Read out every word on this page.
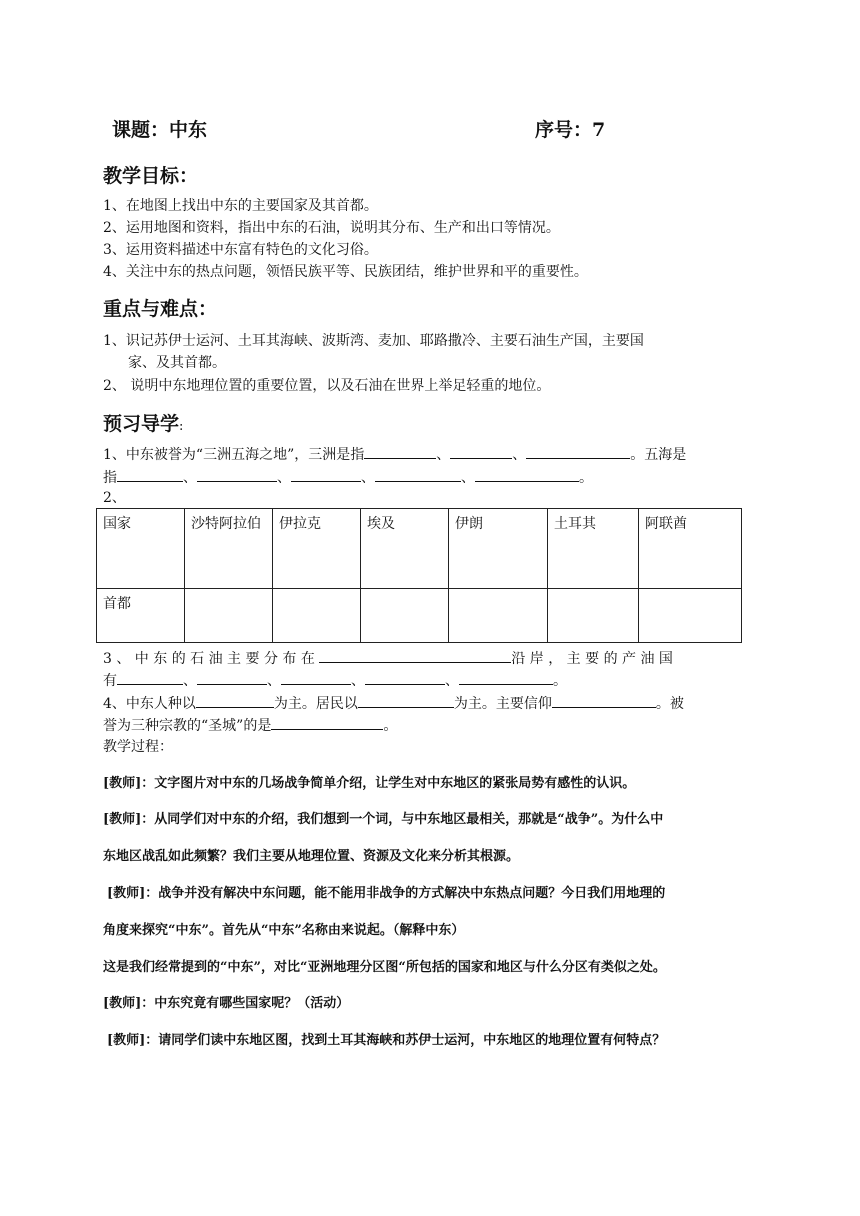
课题：中东	序号：7
教学目标：
1、在地图上找出中东的主要国家及其首都。
2、运用地图和资料，指出中东的石油，说明其分布、生产和出口等情况。
3、运用资料描述中东富有特色的文化习俗。
4、关注中东的热点问题，领悟民族平等、民族团结，维护世界和平的重要性。
重点与难点：
1、识记苏伊士运河、土耳其海峡、波斯湾、麦加、耶路撒冷、主要石油生产国，主要国
家、及其首都。
2、 说明中东地理位置的重要位置，以及石油在世界上举足轻重的地位。
预习导学:
1、中东被誉为“三洲五海之地”，三洲是指	、	、	。五海是
指	、	、	、	、	。
2、
国家	沙特阿拉伯	伊拉克	埃及	伊朗	土耳其	阿联酋
首都						
3 、 中 东 的 石 油 主 要 分 布 在	沿 岸 ， 主 要 的 产 油 国
有	、	、	、	、	。
4、中东人种以	为主。居民以	为主。主要信仰	。被
誉为三种宗教的“圣城”的是	。
教学过程：
[教师]：文字图片对中东的几场战争简单介绍，让学生对中东地区的紧张局势有感性的认识。
[教师]：从同学们对中东的介绍，我们想到一个词，与中东地区最相关，那就是“战争”。为什么中
东地区战乱如此频繁？我们主要从地理位置、资源及文化来分析其根源。
[教师]：战争并没有解决中东问题，能不能用非战争的方式解决中东热点问题？今日我们用地理的
角度来探究“中东”。首先从“中东”名称由来说起。（解释中东）
这是我们经常提到的“中东”，对比“亚洲地理分区图“所包括的国家和地区与什么分区有类似之处。
[教师]：中东究竟有哪些国家呢？（活动）
[教师]：请同学们读中东地区图，找到土耳其海峡和苏伊士运河，中东地区的地理位置有何特点？
